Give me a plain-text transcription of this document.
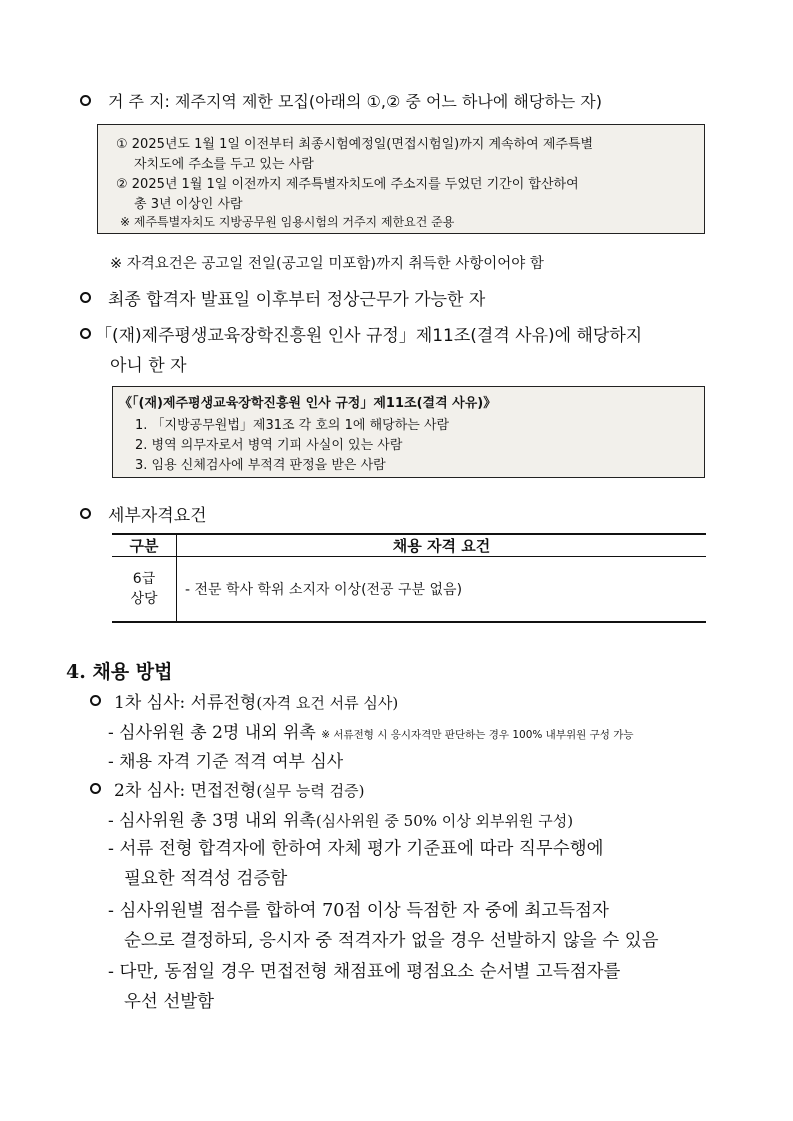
거 주 지: 제주지역 제한 모집(아래의 ①,② 중 어느 하나에 해당하는 자)
① 2025년도 1월 1일 이전부터 최종시험예정일(면접시험일)까지 계속하여 제주특별
자치도에 주소를 두고 있는 사람
② 2025년 1월 1일 이전까지 제주특별자치도에 주소지를 두었던 기간이 합산하여
총 3년 이상인 사람
※ 제주특별자치도 지방공무원 임용시험의 거주지 제한요건 준용
※ 자격요건은 공고일 전일(공고일 미포함)까지 취득한 사항이어야 함
최종 합격자 발표일 이후부터 정상근무가 가능한 자
「(재)제주평생교육장학진흥원 인사 규정」제11조(결격 사유)에 해당하지
아니 한 자
《「(재)제주평생교육장학진흥원 인사 규정」제11조(결격 사유)》
1. 「지방공무원법」제31조 각 호의 1에 해당하는 사람
2. 병역 의무자로서 병역 기피 사실이 있는 사람
3. 임용 신체검사에 부적격 판정을 받은 사람
세부자격요건
구분	채용 자격 요건

6급
상당	- 전문 학사 학위 소지자 이상(전공 구분 없음)
4. 채용 방법
1차 심사: 서류전형(자격 요건 서류 심사)
- 심사위원 총 2명 내외 위촉 ※ 서류전형 시 응시자격만 판단하는 경우 100% 내부위원 구성 가능
- 채용 자격 기준 적격 여부 심사
2차 심사: 면접전형(실무 능력 검증)
- 심사위원 총 3명 내외 위촉(심사위원 중 50% 이상 외부위원 구성)
- 서류 전형 합격자에 한하여 자체 평가 기준표에 따라 직무수행에
필요한 적격성 검증함
- 심사위원별 점수를 합하여 70점 이상 득점한 자 중에 최고득점자
순으로 결정하되, 응시자 중 적격자가 없을 경우 선발하지 않을 수 있음
- 다만, 동점일 경우 면접전형 채점표에 평점요소 순서별 고득점자를
우선 선발함
